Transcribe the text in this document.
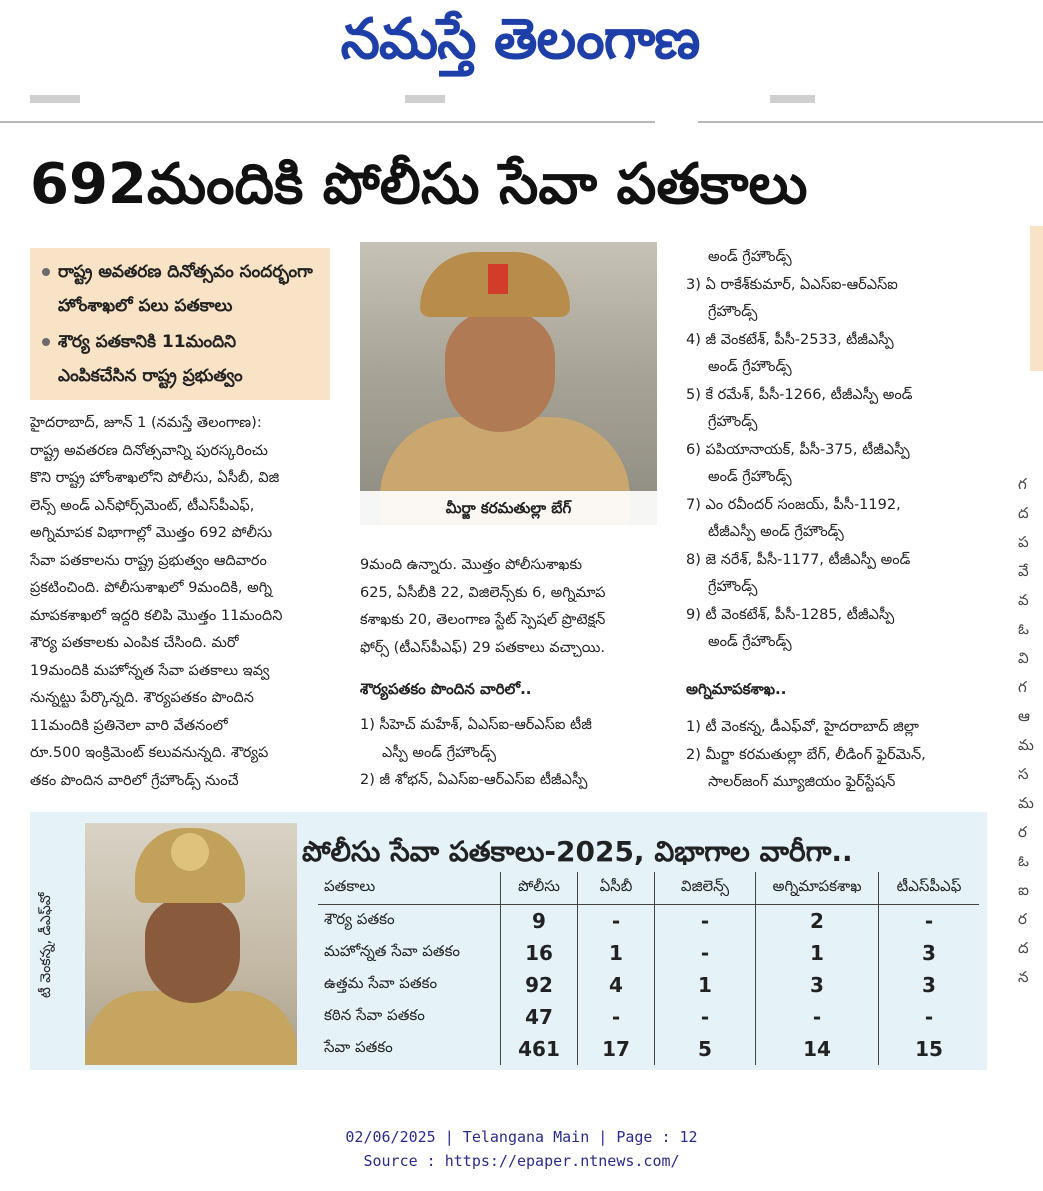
నమస్తే తెలంగాణ
692మందికి పోలీసు సేవా పతకాలు
రాష్ట్ర అవతరణ దినోత్సవం సందర్భంగా
హోంశాఖలో పలు పతకాలు
శౌర్య పతకానికి 11మందిని
ఎంపికచేసిన రాష్ట్ర ప్రభుత్వం
హైదరాబాద్, జూన్ 1 (నమస్తే తెలంగాణ):
రాష్ట్ర అవతరణ దినోత్సవాన్ని పురస్కరించు
కొని రాష్ట్ర హోంశాఖలోని పోలీసు, ఏసీబీ, విజి
లెన్స్ అండ్ ఎన్‌ఫోర్స్‌మెంట్, టీఎస్‌పీఎఫ్,
అగ్నిమాపక విభాగాల్లో మొత్తం 692 పోలీసు
సేవా పతకాలను రాష్ట్ర ప్రభుత్వం ఆదివారం
ప్రకటించింది. పోలీసుశాఖలో 9మందికి, అగ్ని
మాపకశాఖలో ఇద్దరి కలిపి మొత్తం 11మందిని
శౌర్య పతకాలకు ఎంపిక చేసింది. మరో
19మందికి మహోన్నత సేవా పతకాలు ఇవ్వ
నున్నట్టు పేర్కొన్నది. శౌర్యపతకం పొందిన
11మందికి ప్రతినెలా వారి వేతనంలో
రూ.500 ఇంక్రిమెంట్ కలువనున్నది. శౌర్యప
తకం పొందిన వారిలో గ్రేహౌండ్స్ నుంచే
మీర్జా కరమతుల్లా బేగ్
9మంది ఉన్నారు. మొత్తం పోలీసుశాఖకు
625, ఏసీబీకి 22, విజిలెన్స్‌కు 6, అగ్నిమాప
కశాఖకు 20, తెలంగాణ స్టేట్ స్పెషల్ ప్రొటెక్షన్
ఫోర్స్ (టీఎస్‌పీఎఫ్) 29 పతకాలు వచ్చాయి.
శౌర్యపతకం పొందిన వారిలో..
1) సీహెచ్ మహేశ్, ఏఎస్‌ఐ-ఆర్‌ఎస్‌ఐ టీజీ
ఎస్పీ అండ్ గ్రేహౌండ్స్
2) జీ శోభన్, ఏఎస్‌ఐ-ఆర్‌ఎస్‌ఐ టీజీఎస్పీ
అండ్ గ్రేహౌండ్స్
3) ఏ రాకేశ్‌కుమార్, ఏఎస్‌ఐ-ఆర్‌ఎస్‌ఐ
గ్రేహౌండ్స్
4) జీ వెంకటేశ్, పీసీ-2533, టీజీఎస్పీ
అండ్ గ్రేహౌండ్స్
5) కే రమేశ్, పీసీ-1266, టీజీఎస్పీ అండ్
గ్రేహౌండ్స్
6) పపియానాయక్, పీసీ-375, టీజీఎస్పీ
అండ్ గ్రేహౌండ్స్
7) ఎం రవీందర్ సంజయ్, పీసీ-1192,
టీజీఎస్పీ అండ్ గ్రేహౌండ్స్
8) జె నరేశ్, పీసీ-1177, టీజీఎస్పీ అండ్
గ్రేహౌండ్స్
9) టీ వెంకటేశ్, పీసీ-1285, టీజీఎస్పీ
అండ్ గ్రేహౌండ్స్
అగ్నిమాపకశాఖ..
1) టీ వెంకన్న, డీఎఫ్‌వో, హైదరాబాద్ జిల్లా
2) మీర్జా కరమతుల్లా బేగ్, లీడింగ్ ఫైర్‌మెన్,
సాలర్‌జంగ్ మ్యూజియం ఫైర్‌స్టేషన్
టీ వెంకన్న, డీఎఫ్‌వో
పోలీసు సేవా పతకాలు-2025, విభాగాల వారీగా..
పతకాలు	పోలీసు	ఏసీబీ	విజిలెన్స్	అగ్నిమాపకశాఖ	టీఎస్‌పీఎఫ్
శౌర్య పతకం	9	-	-	2	-
మహోన్నత సేవా పతకం	16	1	-	1	3
ఉత్తమ సేవా పతకం	92	4	1	3	3
కఠిన సేవా పతకం	47	-	-	-	-
సేవా పతకం	461	17	5	14	15
గ
ద
ప
వే
వ
ఓ
వి
గ
ఆ
మ
స
మ
ర
ఓ
ఐ
ర
ద
న
02/06/2025 | Telangana Main | Page : 12
Source : https://epaper.ntnews.com/
